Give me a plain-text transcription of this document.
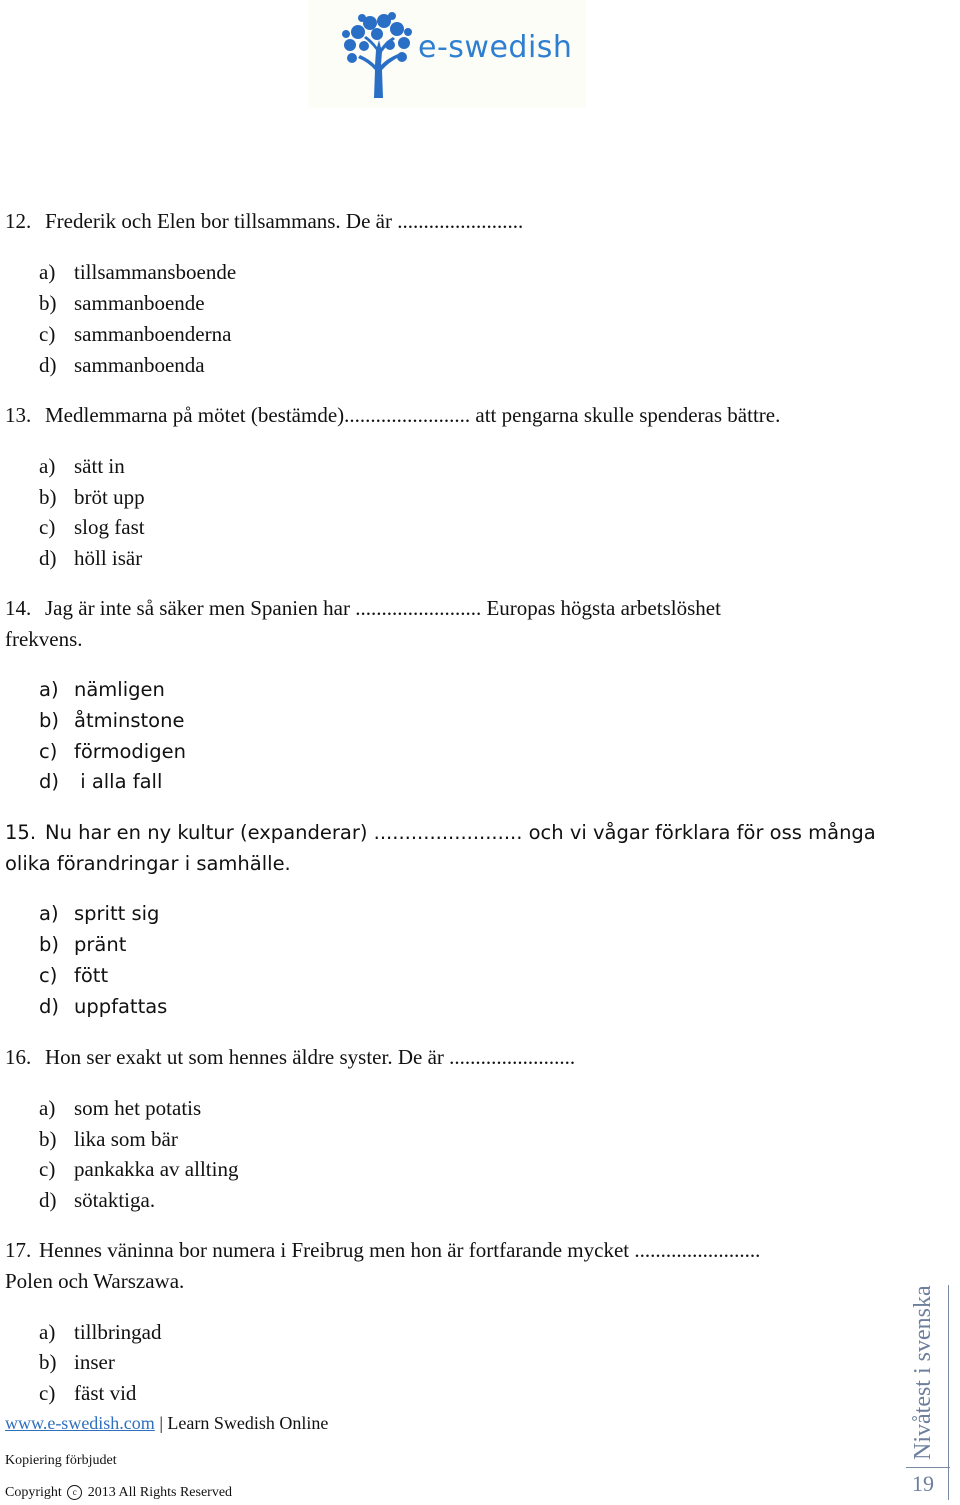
e-swedish
12. Frederik och Elen bor tillsammans. De är ........................
a) tillsammansboende
b) sammanboende
c) sammanboenderna
d) sammanboenda
13. Medlemmarna på mötet (bestämde)........................ att pengarna skulle spenderas bättre.
a) sätt in
b) bröt upp
c) slog fast
d) höll isär
14. Jag är inte så säker men Spanien har ........................ Europas högsta arbetslöshet
frekvens.
a) nämligen
b) åtminstone
c) förmodigen
d) i alla fall
15. Nu har en ny kultur (expanderar) ........................ och vi vågar förklara för oss många
olika förandringar i samhälle.
a) spritt sig
b) pränt
c) fött
d) uppfattas
16. Hon ser exakt ut som hennes äldre syster. De är ........................
a) som het potatis
b) lika som bär
c) pankakka av allting
d) sötaktiga.
17. Hennes väninna bor numera i Freibrug men hon är fortfarande mycket ........................
Polen och Warszawa.
a) tillbringad
b) inser
c) fäst vid
www.e-swedish.com | Learn Swedish Online
Kopiering förbjudet
Copyright c 2013 All Rights Reserved
Nivåtest i svenska
19
